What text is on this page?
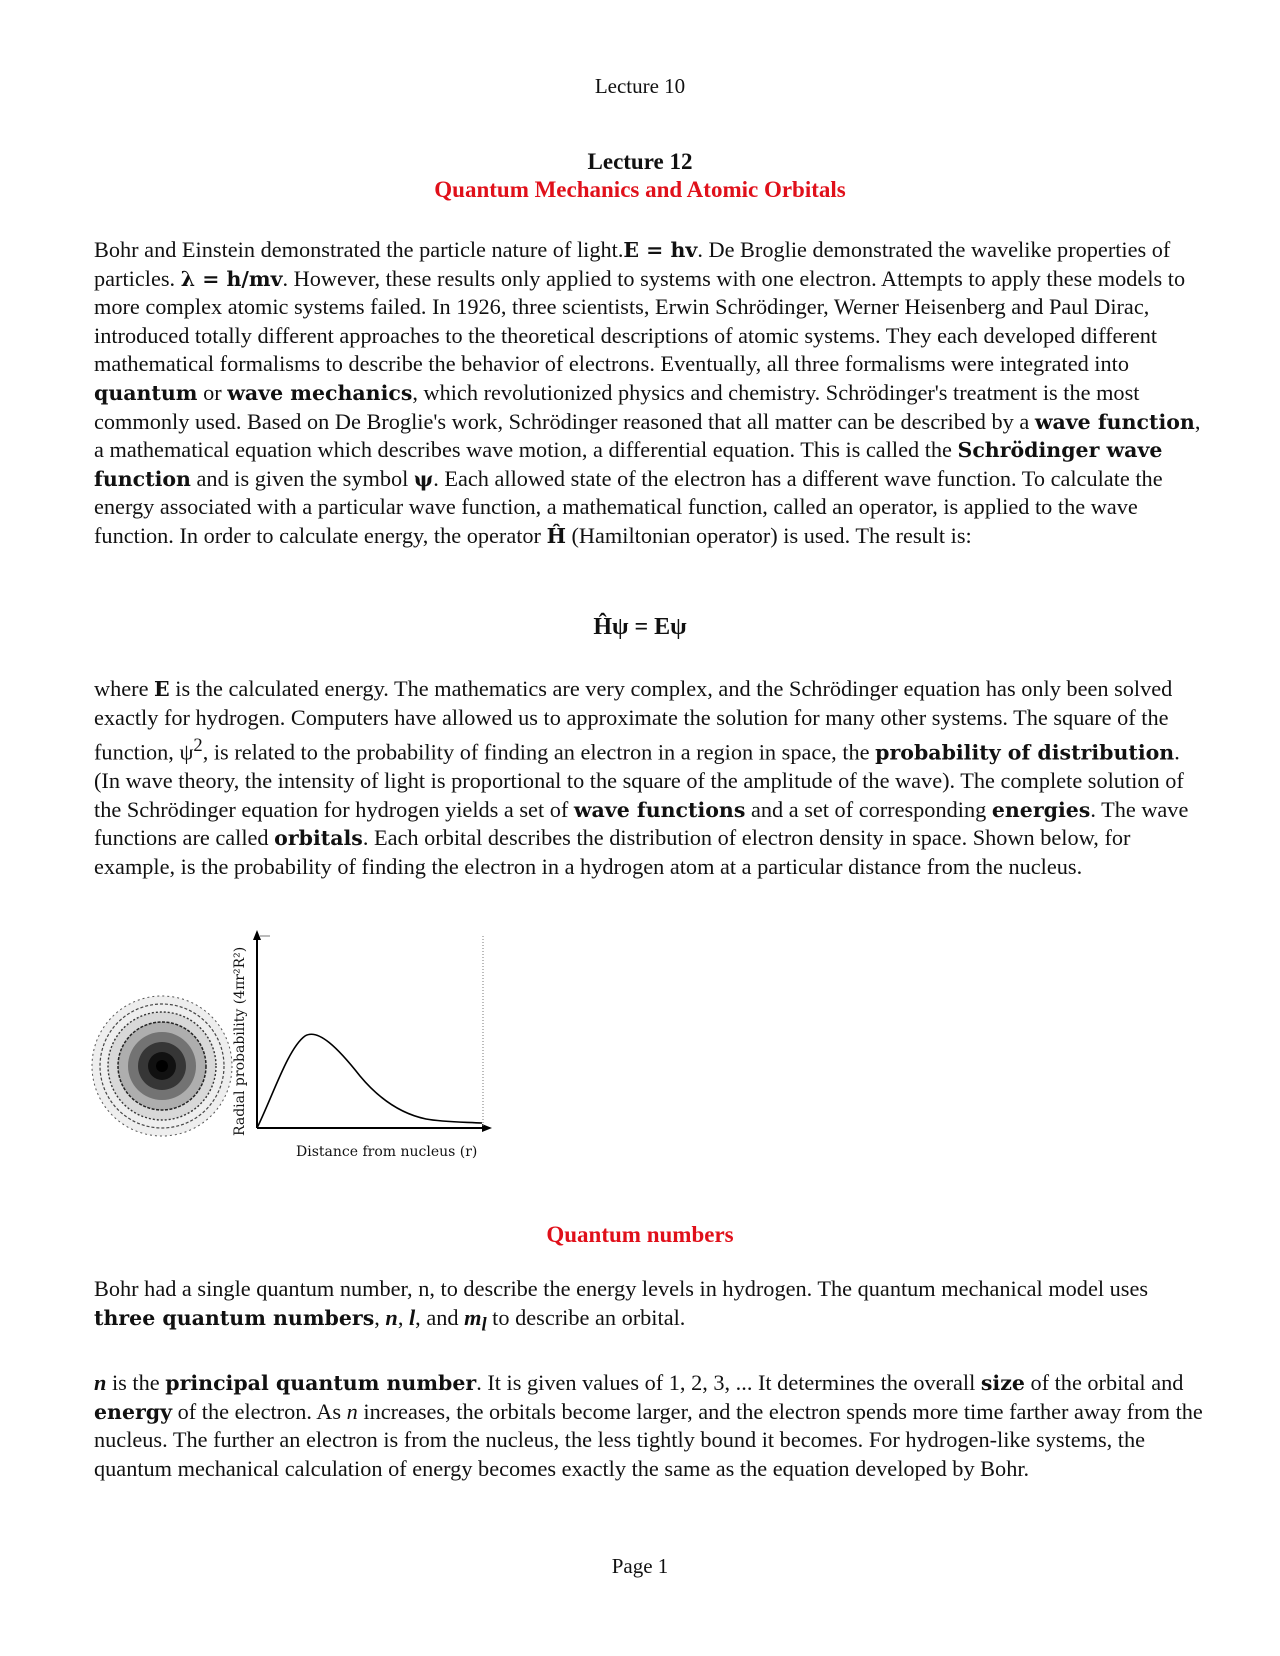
Lecture 10
Lecture 12
Quantum Mechanics and Atomic Orbitals

Bohr and Einstein demonstrated the particle nature of light.E = hv. De Broglie demonstrated the wavelike properties of particles. λ = h/mv. However, these results only applied to systems with one electron. Attempts to apply these models to more complex atomic systems failed. In 1926, three scientists, Erwin Schrödinger, Werner Heisenberg and Paul Dirac, introduced totally different approaches to the theoretical descriptions of atomic systems. They each developed different mathematical formalisms to describe the behavior of electrons. Eventually, all three formalisms were integrated into quantum or wave mechanics, which revolutionized physics and chemistry. Schrödinger's treatment is the most commonly used. Based on De Broglie's work, Schrödinger reasoned that all matter can be described by a wave function, a mathematical equation which describes wave motion, a differential equation. This is called the Schrödinger wave function and is given the symbol ψ. Each allowed state of the electron has a different wave function. To calculate the energy associated with a particular wave function, a mathematical function, called an operator, is applied to the wave function. In order to calculate energy, the operator Ĥ (Hamiltonian operator) is used. The result is:

Ĥψ = Eψ

where E is the calculated energy. The mathematics are very complex, and the Schrödinger equation has only been solved exactly for hydrogen. Computers have allowed us to approximate the solution for many other systems. The square of the function, $\psi^2$, is related to the probability of finding an electron in a region in space, the probability of distribution. (In wave theory, the intensity of light is proportional to the square of the amplitude of the wave). The complete solution of the Schrödinger equation for hydrogen yields a set of wave functions and a set of corresponding energies. The wave functions are called orbitals. Each orbital describes the distribution of electron density in space. Shown below, for example, is the probability of finding the electron in a hydrogen atom at a particular distance from the nucleus.

Distance from nucleus (r)
Radial probability (4πr²R²)
Quantum numbers

Bohr had a single quantum number, n, to describe the energy levels in hydrogen. The quantum mechanical model uses three quantum numbers, n, l, and $m_l$ to describe an orbital.

n is the principal quantum number. It is given values of 1, 2, 3, ... It determines the overall size of the orbital and energy of the electron. As n increases, the orbitals become larger, and the electron spends more time farther away from the nucleus. The further an electron is from the nucleus, the less tightly bound it becomes. For hydrogen-like systems, the quantum mechanical calculation of energy becomes exactly the same as the equation developed by Bohr.

Page 1
